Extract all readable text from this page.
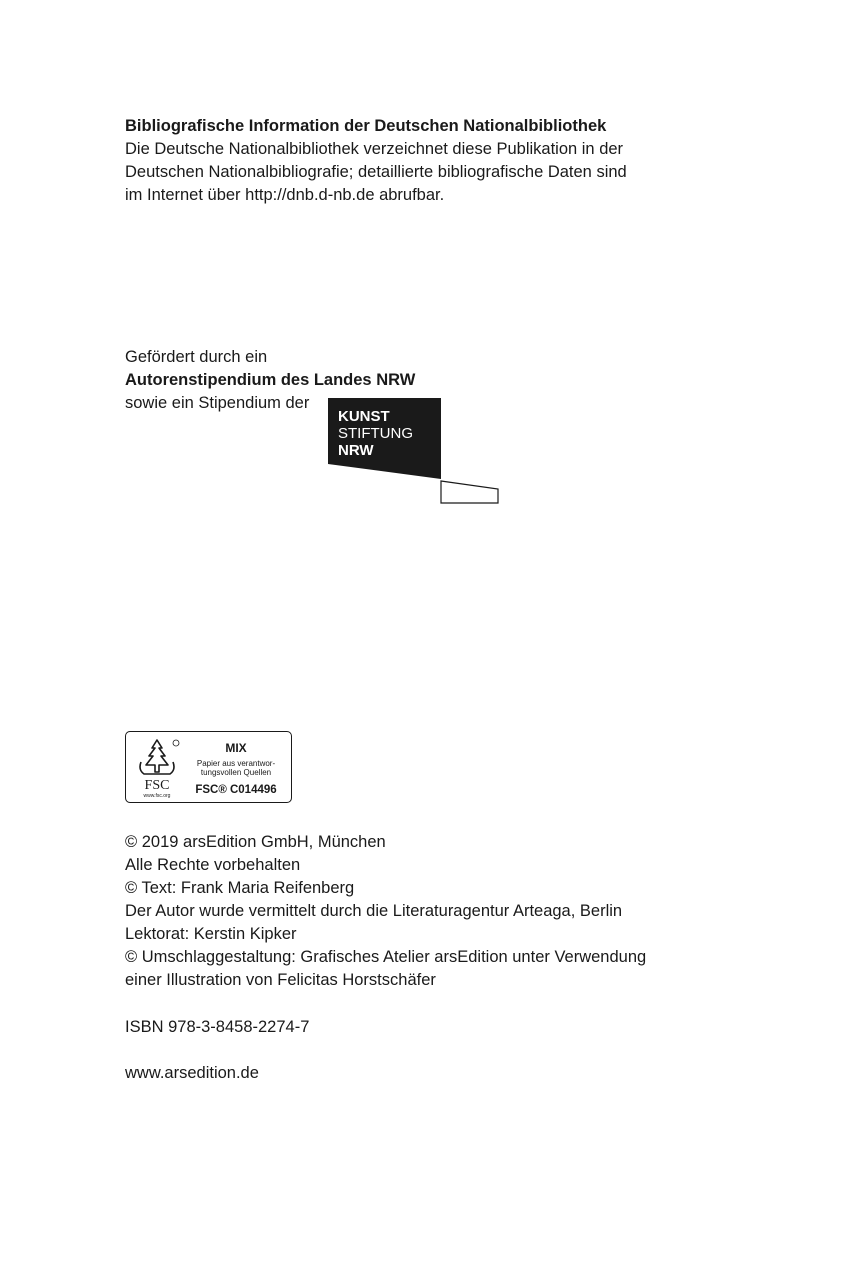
Bibliografische Information der Deutschen Nationalbibliothek
Die Deutsche Nationalbibliothek verzeichnet diese Publikation in der
Deutschen Nationalbibliografie; detaillierte bibliografische Daten sind
im Internet über http://dnb.d-nb.de abrufbar.
Gefördert durch ein
Autorenstipendium des Landes NRW
sowie ein Stipendium der
KUNST
STIFTUNG
NRW
FSC
www.fsc.org
MIX
Papier aus verantwor-
tungsvollen Quellen
FSC® C014496
© 2019 arsEdition GmbH, München
Alle Rechte vorbehalten
© Text: Frank Maria Reifenberg
Der Autor wurde vermittelt durch die Literaturagentur Arteaga, Berlin
Lektorat: Kerstin Kipker
© Umschlaggestaltung: Grafisches Atelier arsEdition unter Verwendung
einer Illustration von Felicitas Horstschäfer
ISBN 978-3-8458-2274-7
www.arsedition.de
